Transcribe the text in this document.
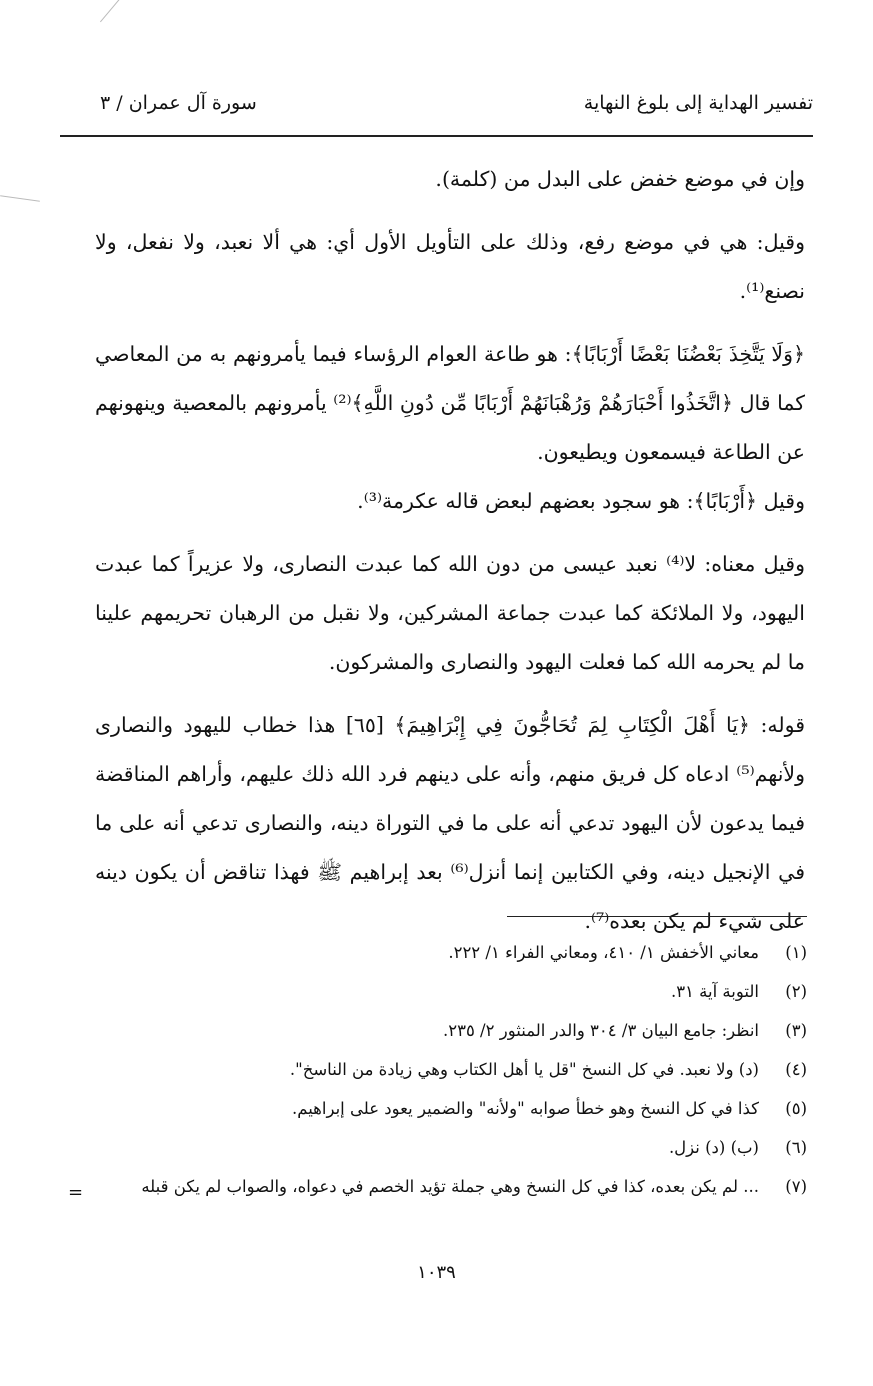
تفسير الهداية إلى بلوغ النهاية
سورة آل عمران / ٣

وإن في موضع خفض على البدل من (كلمة).

وقيل: هي في موضع رفع، وذلك على التأويل الأول أي: هي ألا نعبد، ولا نفعل، ولا نصنع⁽¹⁾.

﴿وَلَا يَتَّخِذَ بَعْضُنَا بَعْضًا أَرْبَابًا﴾: هو طاعة العوام الرؤساء فيما يأمرونهم به من المعاصي كما قال ﴿اتَّخَذُوا أَحْبَارَهُمْ وَرُهْبَانَهُمْ أَرْبَابًا مِّن دُونِ اللَّهِ﴾⁽²⁾ يأمرونهم بالمعصية وينهونهم عن الطاعة فيسمعون ويطيعون.

وقيل ﴿أَرْبَابًا﴾: هو سجود بعضهم لبعض قاله عكرمة⁽³⁾.

وقيل معناه: لا⁽⁴⁾ نعبد عيسى من دون الله كما عبدت النصارى، ولا عزيراً كما عبدت اليهود، ولا الملائكة كما عبدت جماعة المشركين، ولا نقبل من الرهبان تحريمهم علينا ما لم يحرمه الله كما فعلت اليهود والنصارى والمشركون.

قوله: ﴿يَا أَهْلَ الْكِتَابِ لِمَ تُحَاجُّونَ فِي إِبْرَاهِيمَ﴾ [٦٥] هذا خطاب لليهود والنصارى ولأنهم⁽⁵⁾ ادعاه كل فريق منهم، وأنه على دينهم فرد الله ذلك عليهم، وأراهم المناقضة فيما يدعون لأن اليهود تدعي أنه على ما في التوراة دينه، والنصارى تدعي أنه على ما في الإنجيل دينه، وفي الكتابين إنما أنزل⁽⁶⁾ بعد إبراهيم ﷺ فهذا تناقض أن يكون دينه على شيء لم يكن بعده⁽⁷⁾.

(١)
معاني الأخفش ١/ ٤١٠، ومعاني الفراء ١/ ٢٢٢.
(٢)
التوبة آية ٣١.
(٣)
انظر: جامع البيان ٣/ ٣٠٤ والدر المنثور ٢/ ٢٣٥.
(٤)
(د) ولا نعبد. في كل النسخ "قل يا أهل الكتاب وهي زيادة من الناسخ".
(٥)
كذا في كل النسخ وهو خطأ صوابه "ولأنه" والضمير يعود على إبراهيم.
(٦)
(ب) (د) نزل.
(٧)
... لم يكن بعده، كذا في كل النسخ وهي جملة تؤيد الخصم في دعواه، والصواب لم يكن قبله
=
١٠٣٩
